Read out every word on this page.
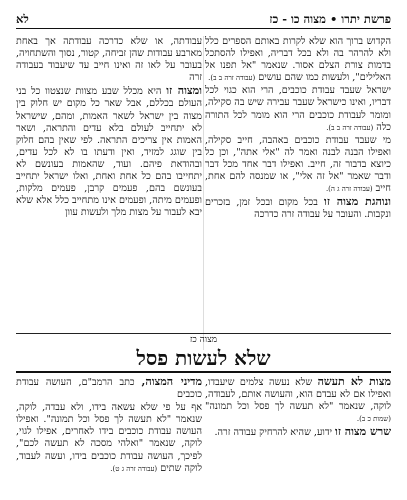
פרשת יתרו • מצוה כו - כז
לא

הקדוש ברוך הוא שלא לקרות באותם הספרים כלל ולא להרהר בה ולא בכל דבריה, ואפילו להסתכל בדמות צורת הצלם אסור. שנאמר "אל תפנו אל האלילים", ולעשות כמו שהם עושים (עבודה זרה ב ב).

ישראל שעבד עבודת כוכבים, הרי הוא כגוי לכל דבריו, ואינו כישראל שעבר עבירה שיש בה סקילה, ומומר לעבודת כוכבים הרי הוא מומר לכל התורה כלה (עבודה זרה ב ב).

מי שעבד עבודת כוכבים באהבה, חייב סקילה, ואפילו הבנה לבנה ואמר לה "אלי אתה", וכן כל כיוצא בדבור זה, חייב. ואפילו דבר אחד מכל דבר ודבר שאמר "אל זה אלי", או שמנסה להם אחת, חייב (עבודה זרה ג ה).

ונוהגת מצוה זו בכל מקום ובכל זמן, בזכרים ונקבות. והעובר על עבודה זרה כדרכה

עבודתה, או שלא כדרכה עבודתה אך באחת מארבע עבודות שהן זביחה, קטור, נסוך והשתחויה, בעובר על לאו זה ואינו חייב עד שיעבוד בעבודה זרה

ומצוה זו היא מכלל שבע מצוות שנצטוו כל בני העולם בכללם, אבל שאר כל מקום יש חלוק בין מצוה בין ישראל לשאר האמות, ומהם, שישראל לא יתחייב לעולם בלא עדים והתראה, ושאר האמות אין צריכים התראה. לפי שאין בהם חלוק בין שוגג למזיד, ואין ודעתו בו לא לכל עדים, ובהודאת פיהם. ועוד, שהאמות בעונשם לא יתחייבו בהם כל אחת ואחת, ואלו ישראל יתחייב בעונשם בהם, פעמים קרבן, פעמים מלקות, ופעמים מיתה, ופעמים אינו מתחייב כלל אלא שלא יבא לעבור על מצות מלך ולעשות עוון

מצוה כז
שלא לעשות פסל

מצות לא תעשה שלא נעשה צלמים שיעבדו, ואפילו אם לא עבדם הוא, והעושה אותם, לעבודה, לוקה, שנאמר "לא תעשה לך פסל וכל תמונה" (שמות כ ב).

שרש מצוה זו ידוע, שהיא להרחיק עבודה זרה.

מדיני המצוה, כתב הרמב"ם, העושה עבודת כוכבים

אף על פי שלא עשאה בידו, ולא עבדה, לוקה, שנאמר "לא תעשה לך פסל וכל תמונה". ואפילו העושה עבודת כוכבים בידו לאחרים, אפילו לגוי, לוקה, שנאמר "ואלהי מסכה לא תעשה לכם", לפיכך, העושה עבודת כוכבים בידו, ועשה לעבוד, לוקה שתים (עבודה זרה ג ט).
